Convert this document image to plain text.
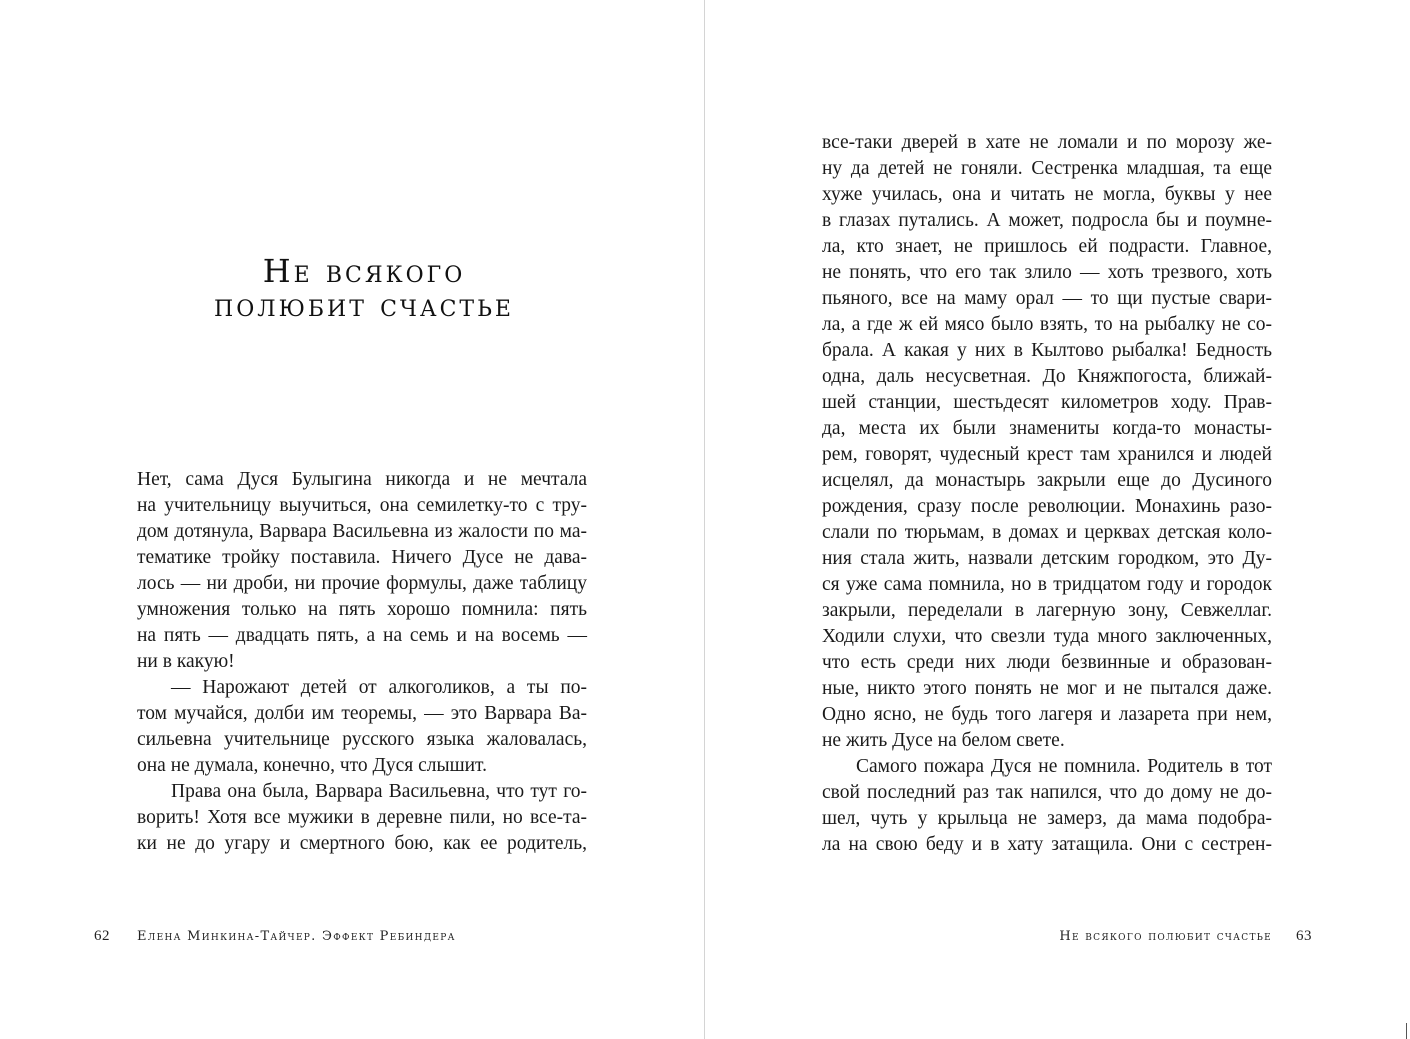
Не всякого
полюбит счастье
Нет, сама Дуся Булыгина никогда и не мечтала
на учительницу выучиться, она семилетку-то с тру-
дом дотянула, Варвара Васильевна из жалости по ма-
тематике тройку поставила. Ничего Дусе не дава-
лось — ни дроби, ни прочие формулы, даже таблицу
умножения только на пять хорошо помнила: пять
на пять — двадцать пять, а на семь и на восемь —
ни в какую!
— Нарожают детей от алкоголиков, а ты по-
том мучайся, долби им теоремы, — это Варвара Ва-
сильевна учительнице русского языка жаловалась,
она не думала, конечно, что Дуся слышит.
Права она была, Варвара Васильевна, что тут го-
ворить! Хотя все мужики в деревне пили, но все-та-
ки не до угару и смертного бою, как ее родитель,
62 Елена Минкина-Тайчер. Эффект Ребиндера
все-таки дверей в хате не ломали и по морозу же-
ну да детей не гоняли. Сестренка младшая, та еще
хуже училась, она и читать не могла, буквы у нее
в глазах путались. А может, подросла бы и поумне-
ла, кто знает, не пришлось ей подрасти. Главное,
не понять, что его так злило — хоть трезвого, хоть
пьяного, все на маму орал — то щи пустые свари-
ла, а где ж ей мясо было взять, то на рыбалку не со-
брала. А какая у них в Кылтово рыбалка! Бедность
одна, даль несусветная. До Княжпогоста, ближай-
шей станции, шестьдесят километров ходу. Прав-
да, места их были знамениты когда-то монасты-
рем, говорят, чудесный крест там хранился и людей
исцелял, да монастырь закрыли еще до Дусиного
рождения, сразу после революции. Монахинь разо-
слали по тюрьмам, в домах и церквах детская коло-
ния стала жить, назвали детским городком, это Ду-
ся уже сама помнила, но в тридцатом году и городок
закрыли, переделали в лагерную зону, Севжеллаг.
Ходили слухи, что свезли туда много заключенных,
что есть среди них люди безвинные и образован-
ные, никто этого понять не мог и не пытался даже.
Одно ясно, не будь того лагеря и лазарета при нем,
не жить Дусе на белом свете.
Самого пожара Дуся не помнила. Родитель в тот
свой последний раз так напился, что до дому не до-
шел, чуть у крыльца не замерз, да мама подобра-
ла на свою беду и в хату затащила. Они с сестрен-
Не всякого полюбит счастье 63
